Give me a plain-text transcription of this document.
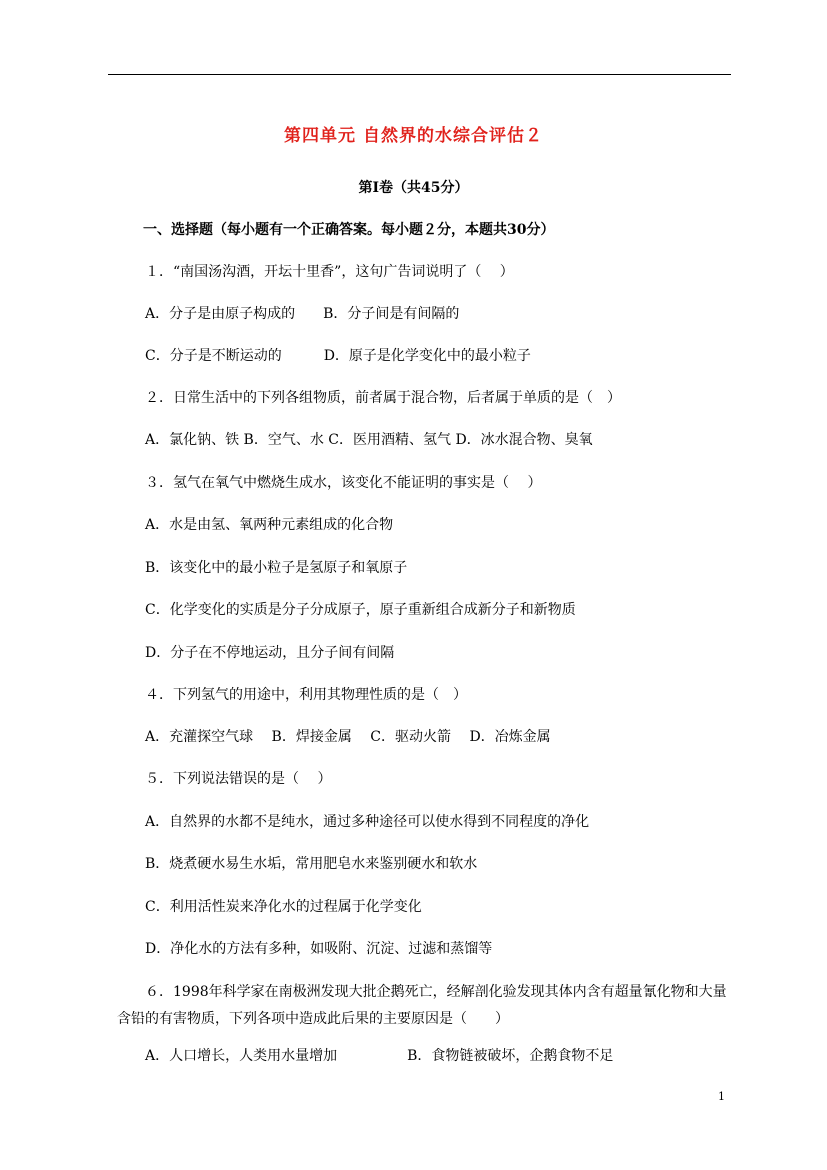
第四单元 自然界的水综合评估２
第Ⅰ卷（共45分）
一、选择题（每小题有一个正确答案。每小题２分，本题共30分）
１．“南国汤沟酒，开坛十里香”，这句广告词说明了（　 ）
A．分子是由原子构成的　　B．分子间是有间隔的
C．分子是不断运动的　　　D．原子是化学变化中的最小粒子
２．日常生活中的下列各组物质，前者属于混合物，后者属于单质的是（　）
A．氯化钠、铁 B．空气、水 C．医用酒精、氢气 D．冰水混合物、臭氧
３．氢气在氧气中燃烧生成水，该变化不能证明的事实是（　 ）
A．水是由氢、氧两种元素组成的化合物
B．该变化中的最小粒子是氢原子和氧原子
C．化学变化的实质是分子分成原子，原子重新组合成新分子和新物质
D．分子在不停地运动，且分子间有间隔
４．下列氢气的用途中，利用其物理性质的是（　）
A．充灌探空气球　 B．焊接金属　 C．驱动火箭　 D．冶炼金属
５．下列说法错误的是（　 ）
A．自然界的水都不是纯水，通过多种途径可以使水得到不同程度的净化
B．烧煮硬水易生水垢，常用肥皂水来鉴别硬水和软水
C．利用活性炭来净化水的过程属于化学变化
D．净化水的方法有多种，如吸附、沉淀、过滤和蒸馏等
６．1998年科学家在南极洲发现大批企鹅死亡，经解剖化验发现其体内含有超量氰化物和大量含铅的有害物质，下列各项中造成此后果的主要原因是（　　）
A．人口增长，人类用水量增加　　　　　B．食物链被破坏，企鹅食物不足
1
